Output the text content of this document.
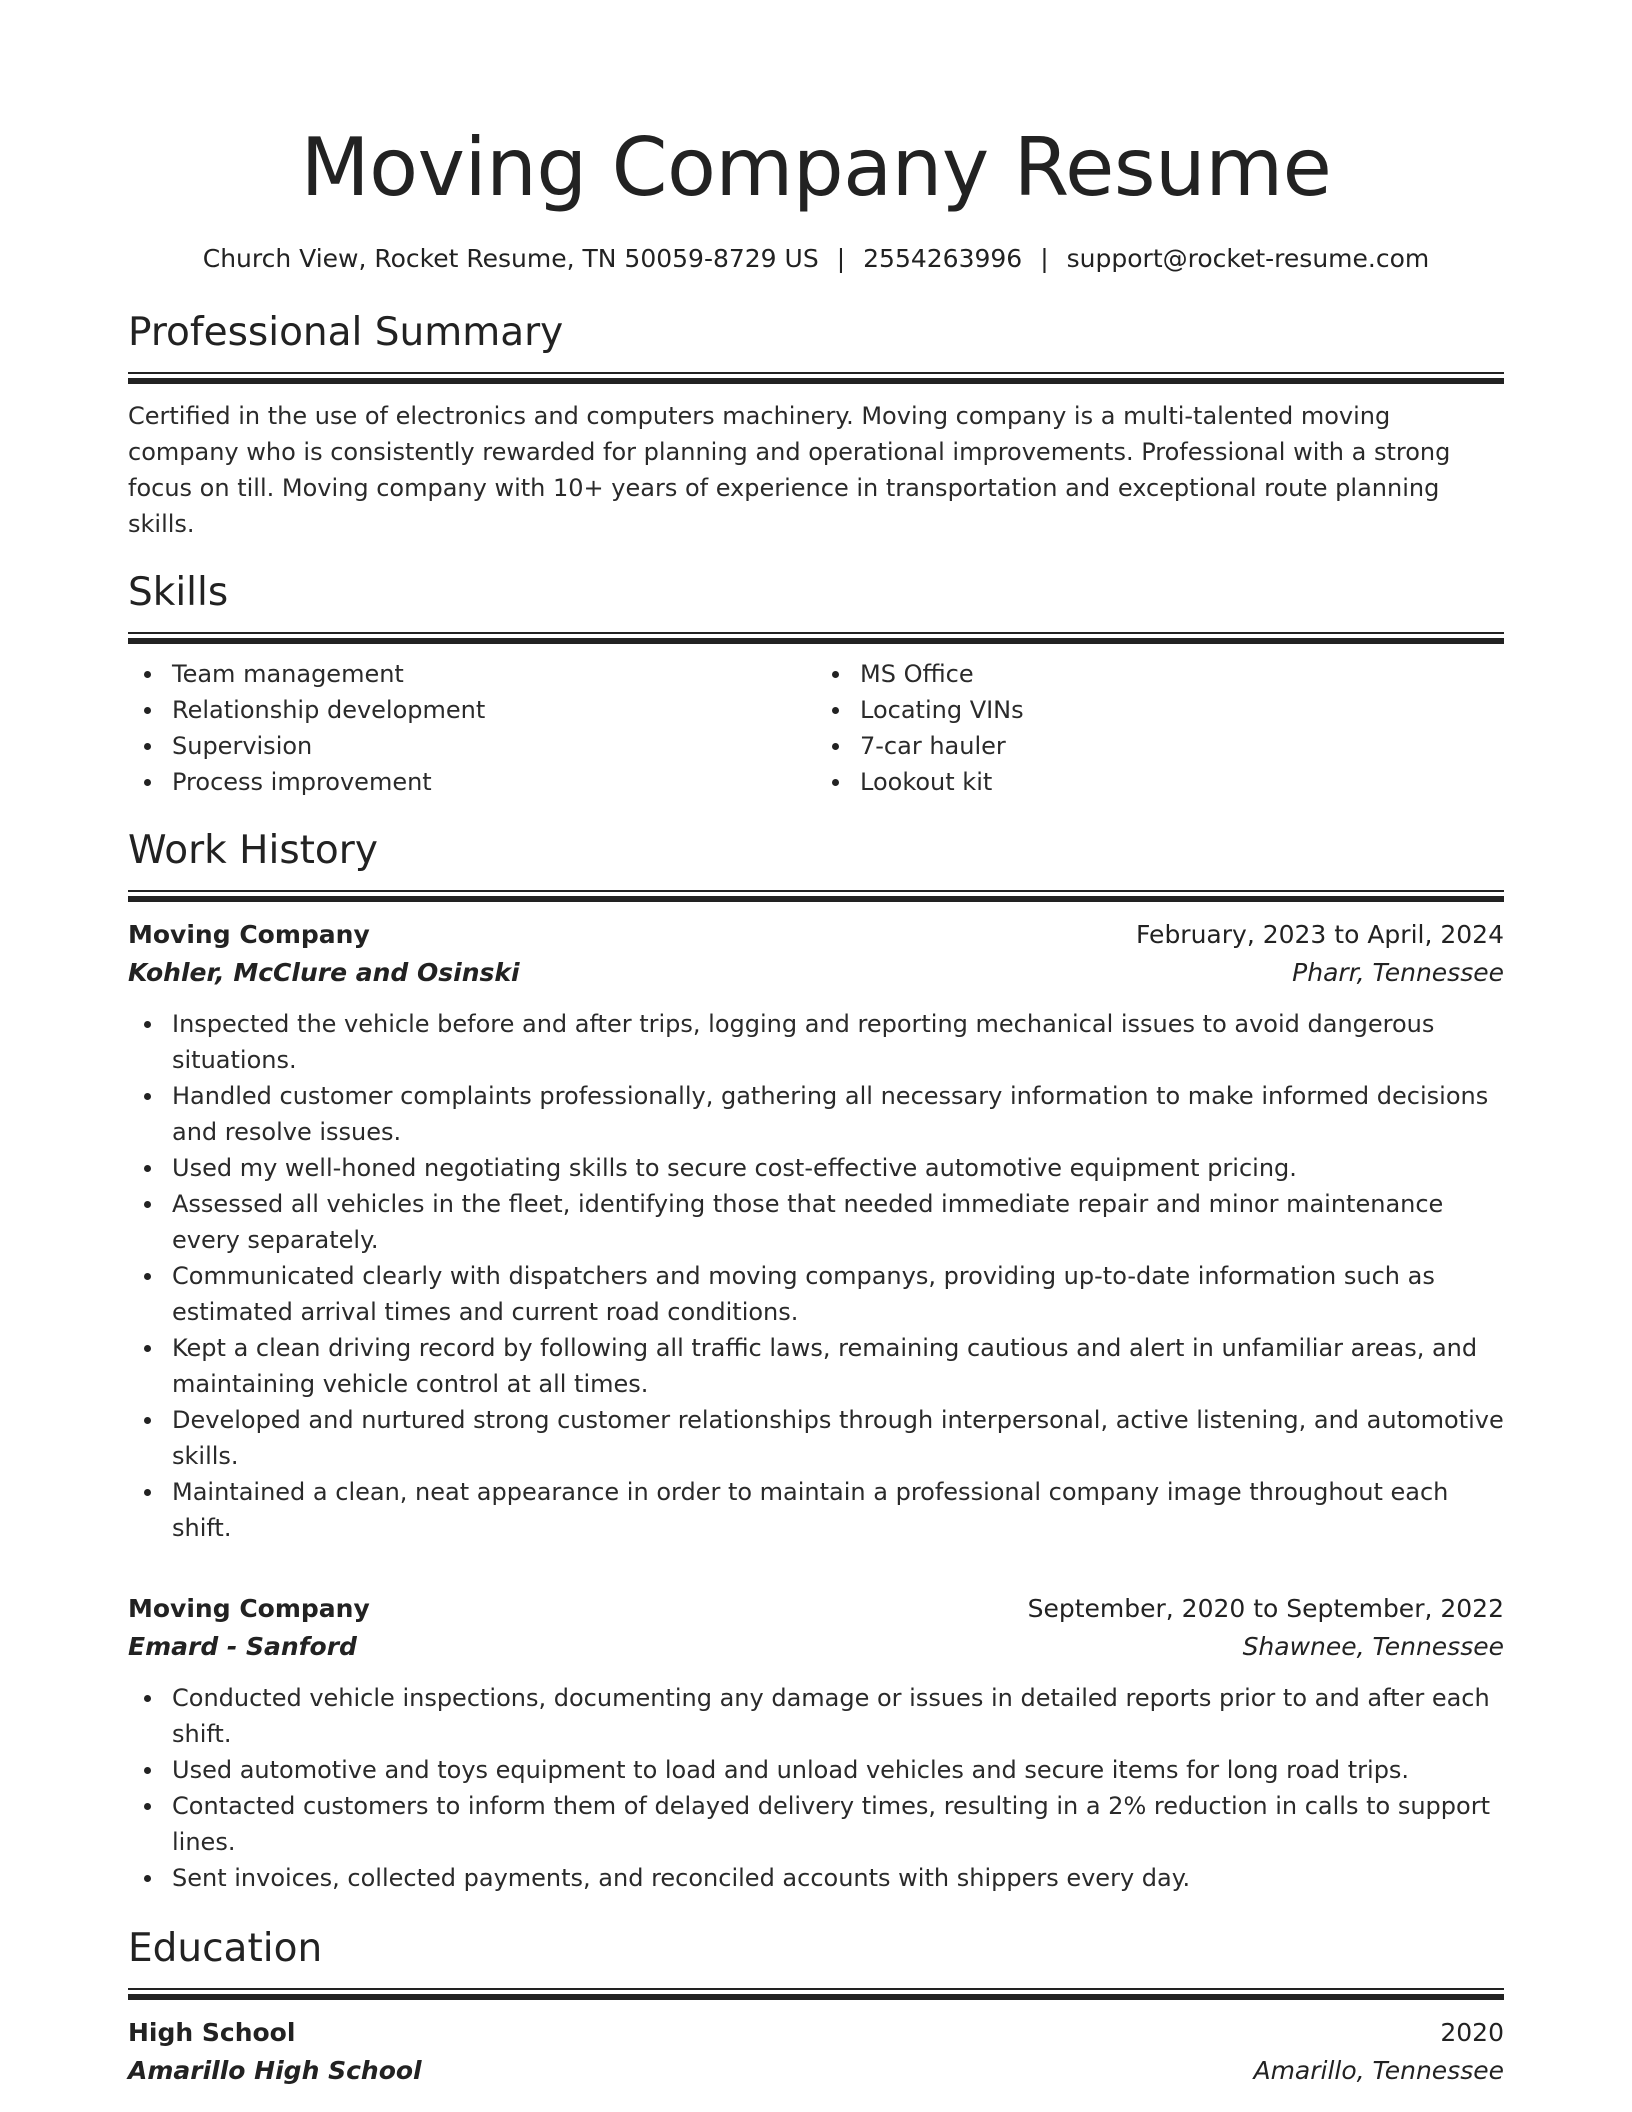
Moving Company Resume
Church View, Rocket Resume, TN 50059-8729 US | 2554263996 | support@rocket-resume.com
Professional Summary

Certified in the use of electronics and computers machinery. Moving company is a multi-talented moving company who is consistently rewarded for planning and operational improvements. Professional with a strong focus on till. Moving company with 10+ years of experience in transportation and exceptional route planning skills.

Skills
Team management
Relationship development
Supervision
Process improvement
MS Office
Locating VINs
7-car hauler
Lookout kit
Work History
Moving Company	February, 2023 to April, 2024
Kohler, McClure and Osinski	Pharr, Tennessee
Inspected the vehicle before and after trips, logging and reporting mechanical issues to avoid dangerous situations.
Handled customer complaints professionally, gathering all necessary information to make informed decisions and resolve issues.
Used my well-honed negotiating skills to secure cost-effective automotive equipment pricing.
Assessed all vehicles in the fleet, identifying those that needed immediate repair and minor maintenance every separately.
Communicated clearly with dispatchers and moving companys, providing up-to-date information such as estimated arrival times and current road conditions.
Kept a clean driving record by following all traffic laws, remaining cautious and alert in unfamiliar areas, and maintaining vehicle control at all times.
Developed and nurtured strong customer relationships through interpersonal, active listening, and automotive skills.
Maintained a clean, neat appearance in order to maintain a professional company image throughout each shift.
Moving Company	September, 2020 to September, 2022
Emard - Sanford	Shawnee, Tennessee
Conducted vehicle inspections, documenting any damage or issues in detailed reports prior to and after each shift.
Used automotive and toys equipment to load and unload vehicles and secure items for long road trips.
Contacted customers to inform them of delayed delivery times, resulting in a 2% reduction in calls to support lines.
Sent invoices, collected payments, and reconciled accounts with shippers every day.
Education
High School	2020
Amarillo High School	Amarillo, Tennessee
